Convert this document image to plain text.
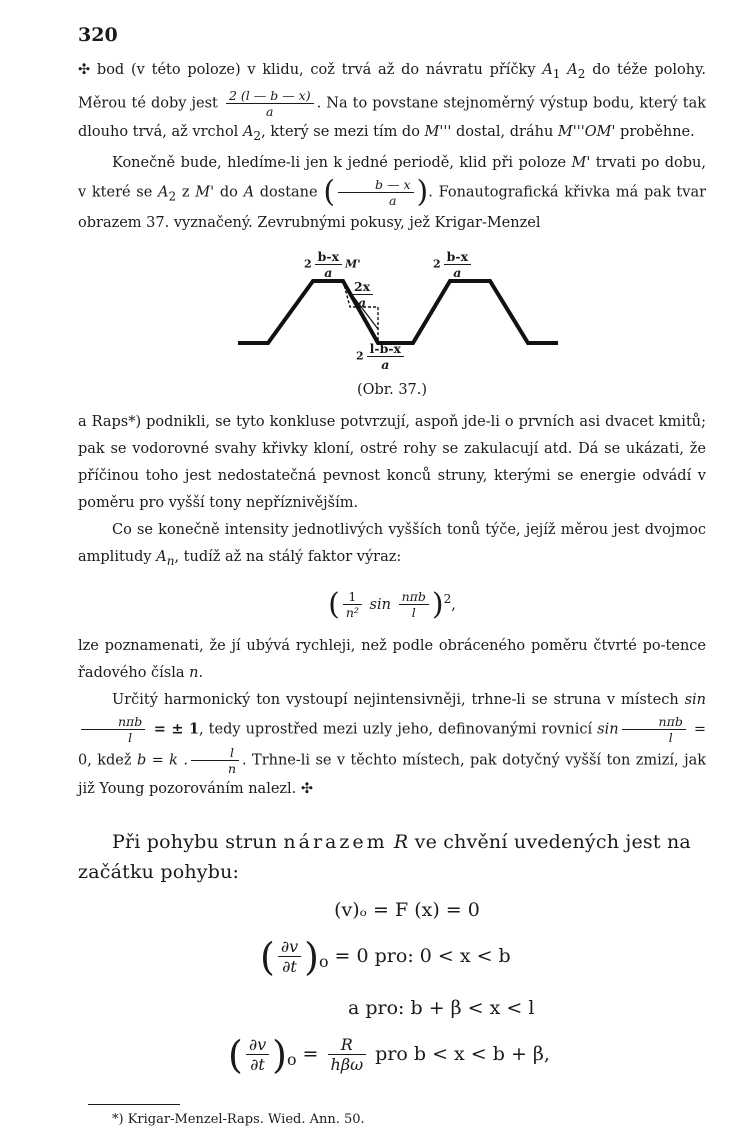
320

✣ bod (v této poloze) v klidu, což trvá až do návratu příčky $A_1$ $A_2$ do téže polohy. Měrou té doby jest $\frac{2 (l — b — x)}{a}$ . Na to povstane stejnoměrný výstup bodu, který tak dlouho trvá, až vrchol $A_2$, který se mezi tím do M''' dostal, dráhu M'''OM' proběhne.

Konečně bude, hledíme-li jen k jedné periodě, klid při poloze M' trvati po dobu, v které se $A_2$ z M' do A dostane ( $\frac{b — x}{a}$ ). Fonautografická křivka má pak tvar obrazem 37. vyznačený. Zevrubnými pokusy, jež Krigar-Menzel

$2 \frac{b-x}{a} M'$	$2 \frac{b-x}{a}$
$\frac{2x}{a}$
$2 \frac{l-b-x}{a}$
(Obr. 37.)

a Raps*) podnikli, se tyto konkluse potvrzují, aspoň jde-li o prvních asi dvacet kmitů; pak se vodorovné svahy křivky kloní, ostré rohy se zakulacují atd. Dá se ukázati, že příčinou toho jest nedostatečná pevnost konců struny, kterými se energie odvádí v poměru pro vyšší tony nepříznivějším.

Co se konečně intensity jednotlivých vyšších tonů týče, jejíž měrou jest dvojmoc amplitudy $A_n$, tudíž až na stálý faktor výraz:

( $\frac{1}{\text{n²}}$ $\sin \frac{\text{nπb}}{l} )^2$,

lze poznamenati, že jí ubývá rychleji, než podle obráceného poměru čtvrté po-tence řadového čísla n.

Určitý harmonický ton vystoupí nejintensivněji, trhne-li se struna v místech sin
$\frac{\text{nπb}}{l}$ = ± 1, tedy uprostřed mezi uzly jeho, definovanými rovnicí $\sin \frac{\text{nπb}}{l} = 0$, kdež b = k . $\frac{l}{n}$ . Trhne-li se v těchto místech, pak dotyčný vyšší ton zmizí, jak již Young pozorováním nalezl. ✣

Při pohybu strun nárazem R ve chvění uvedených jest na začátku pohybu:

(v)ₒ = F (x) = 0
( $\frac{\partial v}{\partial t} )_o = 0$ pro: 0 < x < b
a pro: b + β < x < l
( $\frac{\partial v}{\partial t} )_o = \frac{R}{\text{hβω}}$ pro b < x < b + β,
*) Krigar-Menzel-Raps. Wied. Ann. 50.
